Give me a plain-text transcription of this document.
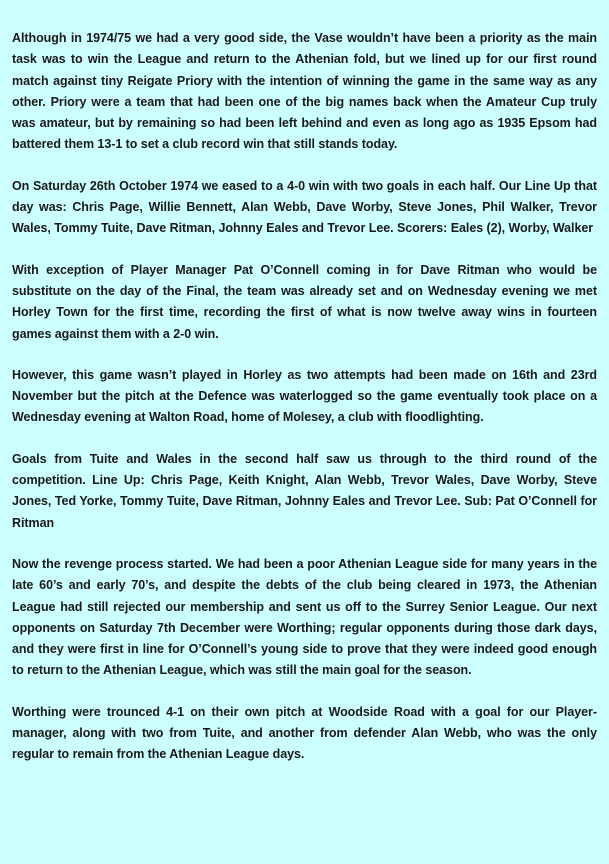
Although in 1974/75 we had a very good side, the Vase wouldn’t have been a priority as the main task was to win the League and return to the Athenian fold, but we lined up for our first round match against tiny Reigate Priory with the intention of winning the game in the same way as any other. Priory were a team that had been one of the big names back when the Amateur Cup truly was amateur, but by remaining so had been left behind and even as long ago as 1935 Epsom had battered them 13-1 to set a club record win that still stands today.

On Saturday 26th October 1974 we eased to a 4-0 win with two goals in each half. Our Line Up that day was: Chris Page, Willie Bennett, Alan Webb, Dave Worby, Steve Jones, Phil Walker, Trevor Wales, Tommy Tuite, Dave Ritman, Johnny Eales and Trevor Lee. Scorers: Eales (2), Worby, Walker

With exception of Player Manager Pat O’Connell coming in for Dave Ritman who would be substitute on the day of the Final, the team was already set and on Wednesday evening we met Horley Town for the first time, recording the first of what is now twelve away wins in fourteen games against them with a 2-0 win.

However, this game wasn’t played in Horley as two attempts had been made on 16th and 23rd November but the pitch at the Defence was waterlogged so the game eventually took place on a Wednesday evening at Walton Road, home of Molesey, a club with floodlighting.

Goals from Tuite and Wales in the second half saw us through to the third round of the competition. Line Up: Chris Page, Keith Knight, Alan Webb, Trevor Wales, Dave Worby, Steve Jones, Ted Yorke, Tommy Tuite, Dave Ritman, Johnny Eales and Trevor Lee. Sub: Pat O’Connell for Ritman

Now the revenge process started. We had been a poor Athenian League side for many years in the late 60’s and early 70’s, and despite the debts of the club being cleared in 1973, the Athenian League had still rejected our membership and sent us off to the Surrey Senior League. Our next opponents on Saturday 7th December were Worthing; regular opponents during those dark days, and they were first in line for O’Connell’s young side to prove that they were indeed good enough to return to the Athenian League, which was still the main goal for the season.

Worthing were trounced 4-1 on their own pitch at Woodside Road with a goal for our Player-manager, along with two from Tuite, and another from defender Alan Webb, who was the only regular to remain from the Athenian League days.
